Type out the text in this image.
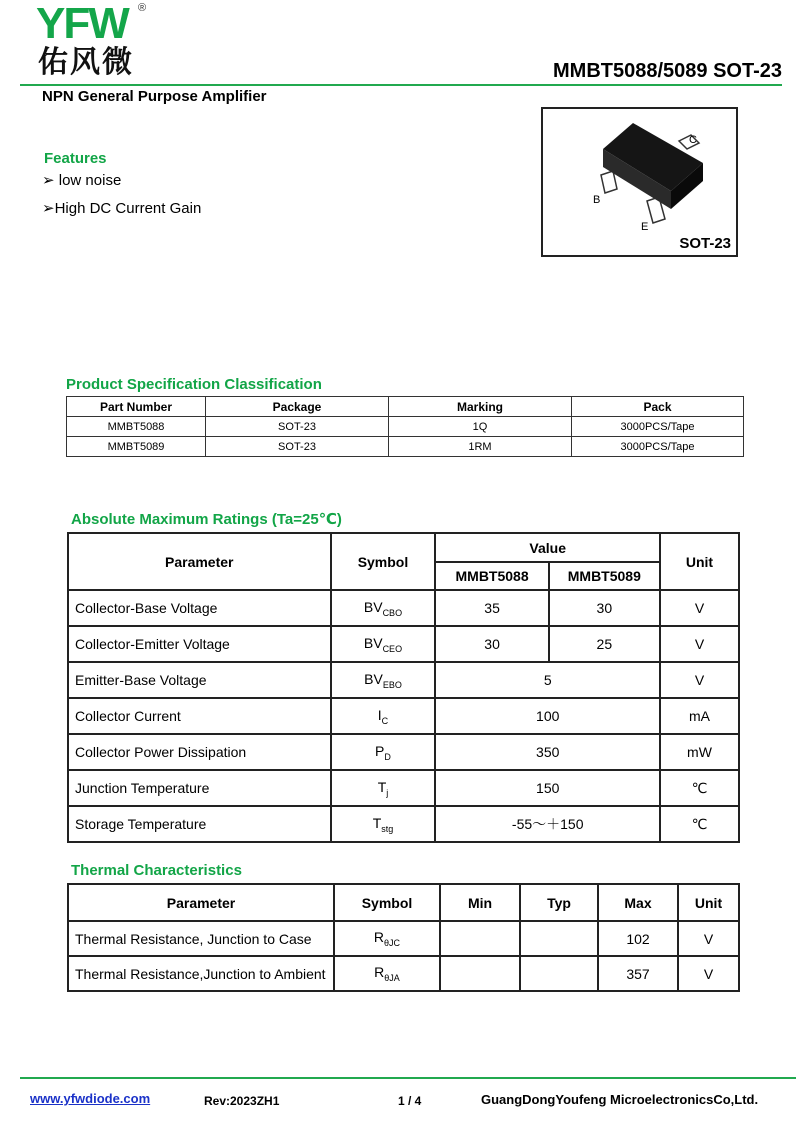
YFW ®
佑风微	MMBT5088/5089 SOT-23
NPN General Purpose Amplifier
Features
➢ low noise
➢High DC Current Gain
C
B
E
SOT-23
Product Specification Classification
Part Number	Package	Marking	Pack
MMBT5088	SOT-23	1Q	3000PCS/Tape
MMBT5089	SOT-23	1RM	3000PCS/Tape
Absolute Maximum Ratings (Ta=25℃)
Parameter	Symbol	Value		Unit
		MMBT5088	MMBT5089	
Collector-Base Voltage	$BV_{CBO}$	35	30	V
Collector-Emitter Voltage	$BV_{CEO}$	30	25	V
Emitter-Base Voltage	$BV_{EBO}$	5		V
Collector Current	$I_C$	100		mA
Collector Power Dissipation	$P_D$	350		mW
Junction Temperature	$T_j$	150		℃
Storage Temperature	$T_{stg}$	-55～＋150		℃
Thermal Characteristics
Parameter	Symbol	Min	Typ	Max	Unit
Thermal Resistance, Junction to Case	$R_{\theta JC}$			102	V
Thermal Resistance,Junction to Ambient	$R_{\theta JA}$			357	V
www.yfwdiode.com	Rev:2023ZH1	1 / 4	GuangDongYoufeng MicroelectronicsCo,Ltd.
